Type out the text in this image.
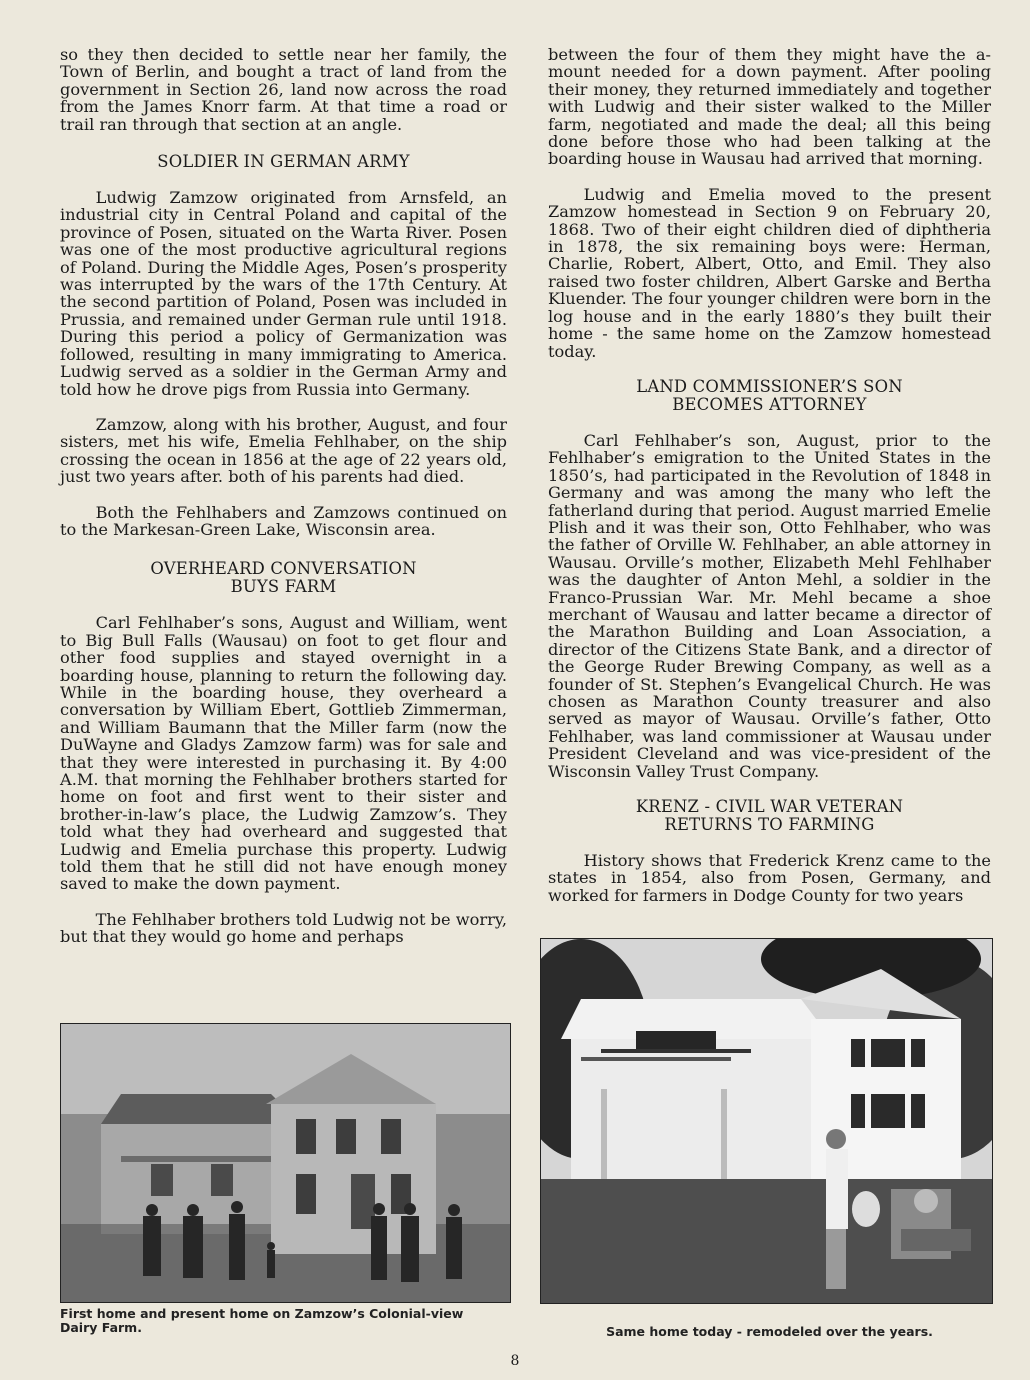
so they then decided to settle near her family, the Town of Berlin, and bought a tract of land from the government in Section 26, land now across the road from the James Knorr farm. At that time a road or trail ran through that section at an angle.

SOLDIER IN GERMAN ARMY

Ludwig Zamzow originated from Arnsfeld, an industrial city in Central Poland and capital of the province of Posen, situated on the Warta River. Posen was one of the most productive agricultural regions of Poland. During the Middle Ages, Posen’s prosperity was interrupted by the wars of the 17th Century. At the second partition of Poland, Posen was included in Prussia, and remained under German rule until 1918. During this period a policy of Germanization was followed, resulting in many immigrating to America. Ludwig served as a soldier in the German Army and told how he drove pigs from Russia into Germany.

Zamzow, along with his brother, August, and four sisters, met his wife, Emelia Fehlhaber, on the ship crossing the ocean in 1856 at the age of 22 years old, just two years after. both of his parents had died.

Both the Fehlhabers and Zamzows continued on to the Markesan-Green Lake, Wisconsin area.

OVERHEARD CONVERSATION
BUYS FARM

Carl Fehlhaber’s sons, August and William, went to Big Bull Falls (Wausau) on foot to get flour and other food supplies and stayed overnight in a boarding house, planning to return the following day. While in the boarding house, they overheard a conversation by William Ebert, Gottlieb Zimmerman, and William Baumann that the Miller farm (now the DuWayne and Gladys Zamzow farm) was for sale and that they were interested in purchasing it. By 4:00 A.M. that morning the Fehlhaber brothers started for home on foot and first went to their sister and brother-in-law’s place, the Ludwig Zamzow’s. They told what they had overheard and suggested that Ludwig and Emelia purchase this property. Ludwig told them that he still did not have enough money saved to make the down payment.

The Fehlhaber brothers told Ludwig not be worry, but that they would go home and perhaps

between the four of them they might have the a-mount needed for a down payment. After pooling their money, they returned immediately and together with Ludwig and their sister walked to the Miller farm, negotiated and made the deal; all this being done before those who had been talking at the boarding house in Wausau had arrived that morning.

Ludwig and Emelia moved to the present Zamzow homestead in Section 9 on February 20, 1868. Two of their eight children died of diphtheria in 1878, the six remaining boys were: Herman, Charlie, Robert, Albert, Otto, and Emil. They also raised two foster children, Albert Garske and Bertha Kluender. The four younger children were born in the log house and in the early 1880’s they built their home - the same home on the Zamzow homestead today.

LAND COMMISSIONER’S SON
BECOMES ATTORNEY

Carl Fehlhaber’s son, August, prior to the Fehlhaber’s emigration to the United States in the 1850’s, had participated in the Revolution of 1848 in Germany and was among the many who left the fatherland during that period. August married Emelie Plish and it was their son, Otto Fehlhaber, who was the father of Orville W. Fehlhaber, an able attorney in Wausau. Orville’s mother, Elizabeth Mehl Fehlhaber was the daughter of Anton Mehl, a soldier in the Franco-Prussian War. Mr. Mehl became a shoe merchant of Wausau and latter became a director of the Marathon Building and Loan Association, a director of the Citizens State Bank, and a director of the George Ruder Brewing Company, as well as a founder of St. Stephen’s Evangelical Church. He was chosen as Marathon County treasurer and also served as mayor of Wausau. Orville’s father, Otto Fehlhaber, was land commissioner at Wausau under President Cleveland and was vice-president of the Wisconsin Valley Trust Company.

KRENZ - CIVIL WAR VETERAN
RETURNS TO FARMING

History shows that Frederick Krenz came to the states in 1854, also from Posen, Germany, and worked for farmers in Dodge County for two years

First home and present home on Zamzow’s Colonial-view Dairy Farm.	Same home today - remodeled over the years.
8
